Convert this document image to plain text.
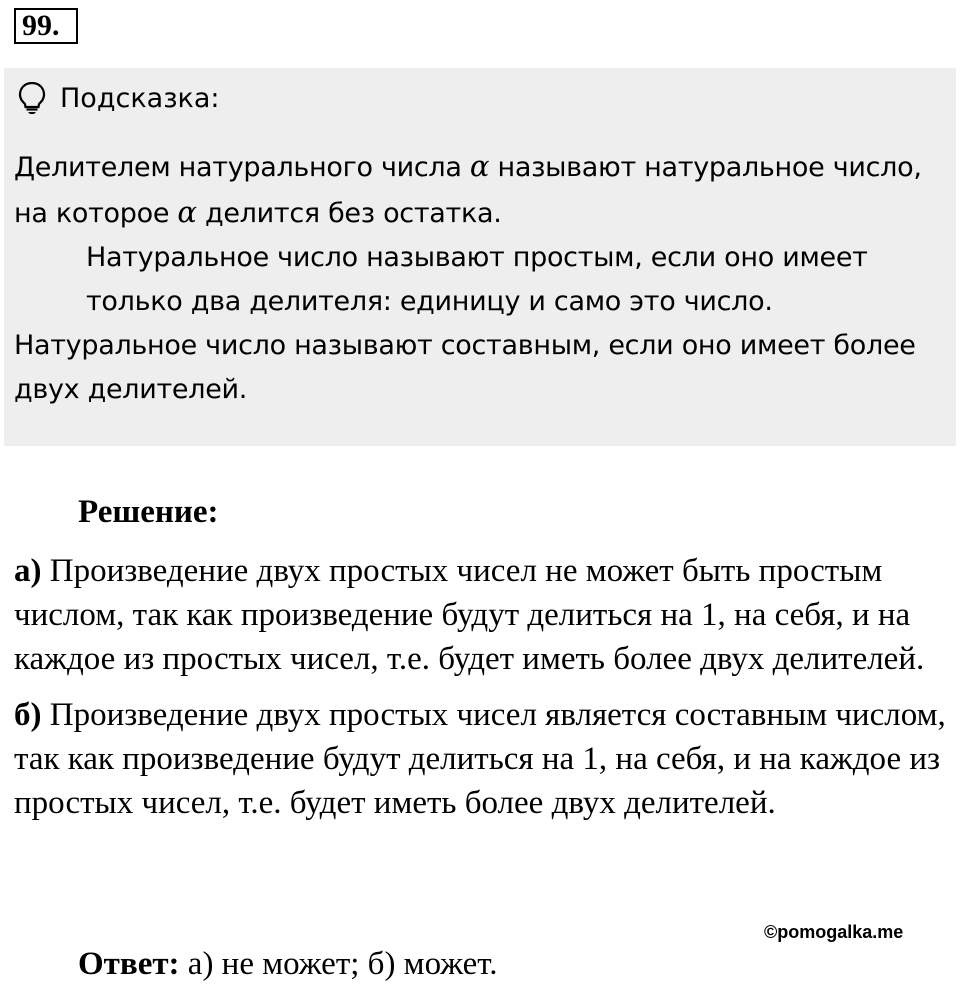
99.
Подсказка:

Делителем натурального числа α называют натуральное число, на которое α делится без остатка.

Натуральное число называют простым, если оно имеет только два делителя: единицу и само это число.

Натуральное число называют составным, если оно имеет более двух делителей.

Решение:

а) Произведение двух простых чисел не может быть простым числом, так как произведение будут делиться на 1, на себя, и на каждое из простых чисел, т.е. будет иметь более двух делителей.

б) Произведение двух простых чисел является составным числом, так как произведение будут делиться на 1, на себя, и на каждое из простых чисел, т.е. будет иметь более двух делителей.

Ответ: а) не может; б) может.
©pomogalka.me
